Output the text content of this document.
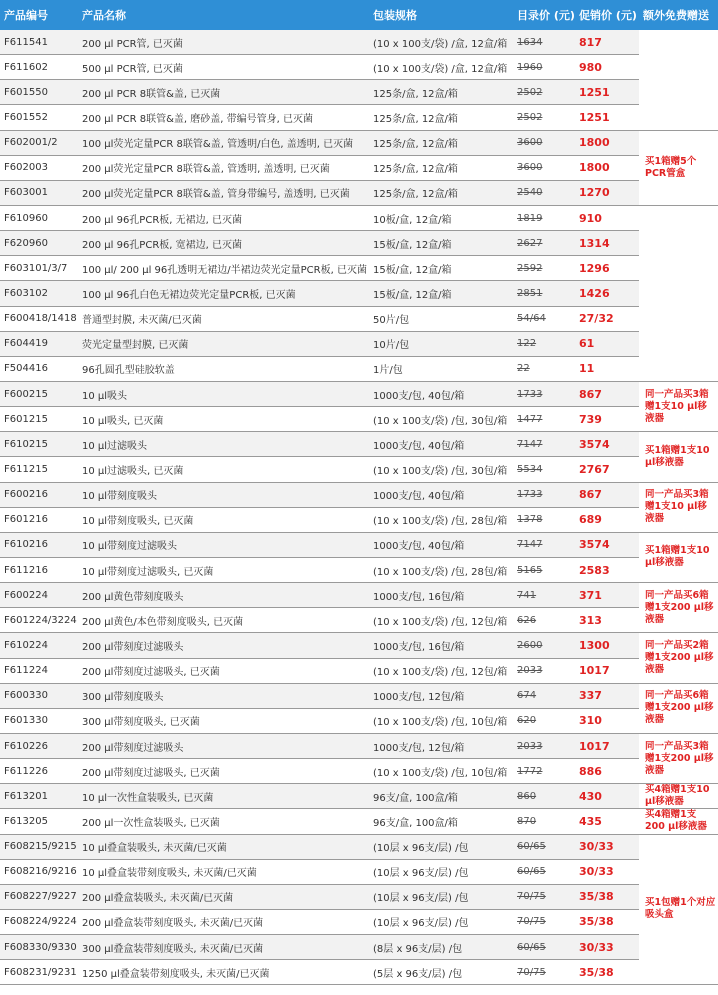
产品编号	产品名称	包装规格	目录价 (元)	促销价 (元)	额外免费赠送
F611541	200 µl PCR管, 已灭菌	(10 x 100支/袋) /盒, 12盒/箱	1634	817	
F611602	500 µl PCR管, 已灭菌	(10 x 100支/袋) /盒, 12盒/箱	1960	980	
F601550	200 µl PCR 8联管&盖, 已灭菌	125条/盒, 12盒/箱	2502	1251	
F601552	200 µl PCR 8联管&盖, 磨砂盖, 带编号管身, 已灭菌	125条/盒, 12盒/箱	2502	1251	
F602001/2	100 µl荧光定量PCR 8联管&盖, 管透明/白色, 盖透明, 已灭菌	125条/盒, 12盒/箱	3600	1800	买1箱赠5个PCR管盒
F602003	200 µl荧光定量PCR 8联管&盖, 管透明, 盖透明, 已灭菌	125条/盒, 12盒/箱	3600	1800	
F603001	200 µl荧光定量PCR 8联管&盖, 管身带编号, 盖透明, 已灭菌	125条/盒, 12盒/箱	2540	1270	
F610960	200 µl 96孔PCR板, 无裙边, 已灭菌	10板/盒, 12盒/箱	1819	910	
F620960	200 µl 96孔PCR板, 宽裙边, 已灭菌	15板/盒, 12盒/箱	2627	1314	
F603101/3/7	100 µl/ 200 µl 96孔透明无裙边/半裙边荧光定量PCR板, 已灭菌	15板/盒, 12盒/箱	2592	1296	
F603102	100 µl 96孔白色无裙边荧光定量PCR板, 已灭菌	15板/盒, 12盒/箱	2851	1426	
F600418/1418	普通型封膜, 未灭菌/已灭菌	50片/包	54/64	27/32	
F604419	荧光定量型封膜, 已灭菌	10片/包	122	61	
F504416	96孔圆孔型硅胶软盖	1片/包	22	11	
F600215	10 µl吸头	1000支/包, 40包/箱	1733	867	同一产品买3箱赠1支10 µl移液器
F601215	10 µl吸头, 已灭菌	(10 x 100支/袋) /包, 30包/箱	1477	739	
F610215	10 µl过滤吸头	1000支/包, 40包/箱	7147	3574	买1箱赠1支10 µl移液器
F611215	10 µl过滤吸头, 已灭菌	(10 x 100支/袋) /包, 30包/箱	5534	2767	
F600216	10 µl带刻度吸头	1000支/包, 40包/箱	1733	867	同一产品买3箱赠1支10 µl移液器
F601216	10 µl带刻度吸头, 已灭菌	(10 x 100支/袋) /包, 28包/箱	1378	689	
F610216	10 µl带刻度过滤吸头	1000支/包, 40包/箱	7147	3574	买1箱赠1支10 µl移液器
F611216	10 µl带刻度过滤吸头, 已灭菌	(10 x 100支/袋) /包, 28包/箱	5165	2583	
F600224	200 µl黄色带刻度吸头	1000支/包, 16包/箱	741	371	同一产品买6箱赠1支200 µl移液器
F601224/3224	200 µl黄色/本色带刻度吸头, 已灭菌	(10 x 100支/袋) /包, 12包/箱	626	313	
F610224	200 µl带刻度过滤吸头	1000支/包, 16包/箱	2600	1300	同一产品买2箱赠1支200 µl移液器
F611224	200 µl带刻度过滤吸头, 已灭菌	(10 x 100支/袋) /包, 12包/箱	2033	1017	
F600330	300 µl带刻度吸头	1000支/包, 12包/箱	674	337	同一产品买6箱赠1支200 µl移液器
F601330	300 µl带刻度吸头, 已灭菌	(10 x 100支/袋) /包, 10包/箱	620	310	
F610226	200 µl带刻度过滤吸头	1000支/包, 12包/箱	2033	1017	同一产品买3箱赠1支200 µl移液器
F611226	200 µl带刻度过滤吸头, 已灭菌	(10 x 100支/袋) /包, 10包/箱	1772	886	
F613201	10 µl一次性盒装吸头, 已灭菌	96支/盒, 100盒/箱	860	430	买4箱赠1支10 µl移液器
F613205	200 µl一次性盒装吸头, 已灭菌	96支/盒, 100盒/箱	870	435	买4箱赠1支200 µl移液器
F608215/9215	10 µl叠盒装吸头, 未灭菌/已灭菌	(10层 x 96支/层) /包	60/65	30/33	买1包赠1个对应吸头盒
F608216/9216	10 µl叠盒装带刻度吸头, 未灭菌/已灭菌	(10层 x 96支/层) /包	60/65	30/33	
F608227/9227	200 µl叠盒装吸头, 未灭菌/已灭菌	(10层 x 96支/层) /包	70/75	35/38	
F608224/9224	200 µl叠盒装带刻度吸头, 未灭菌/已灭菌	(10层 x 96支/层) /包	70/75	35/38	
F608330/9330	300 µl叠盒装带刻度吸头, 未灭菌/已灭菌	(8层 x 96支/层) /包	60/65	30/33	
F608231/9231	1250 µl叠盒装带刻度吸头, 未灭菌/已灭菌	(5层 x 96支/层) /包	70/75	35/38	
